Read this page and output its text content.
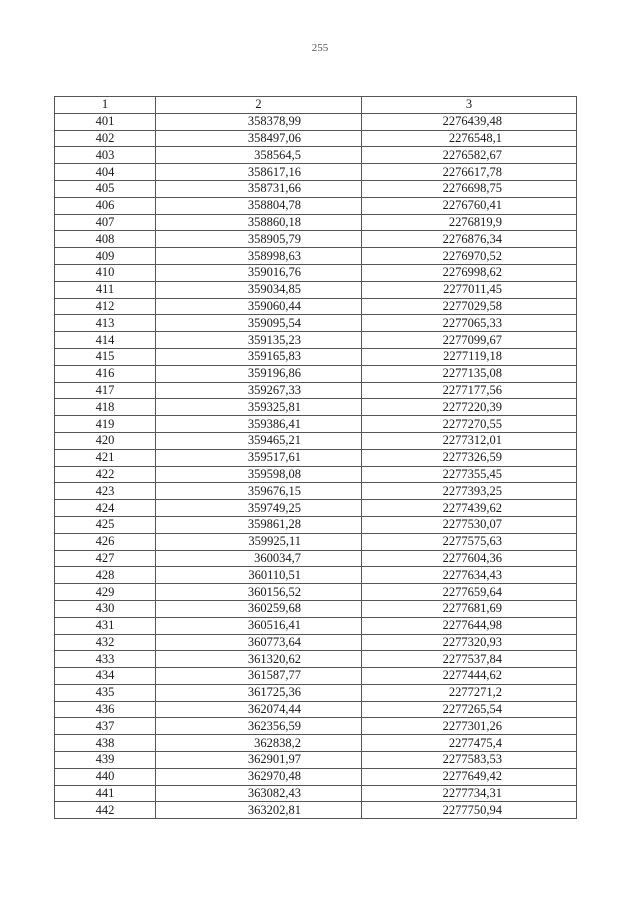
255
1	2	3
401	358378,99	2276439,48
402	358497,06	2276548,1
403	358564,5	2276582,67
404	358617,16	2276617,78
405	358731,66	2276698,75
406	358804,78	2276760,41
407	358860,18	2276819,9
408	358905,79	2276876,34
409	358998,63	2276970,52
410	359016,76	2276998,62
411	359034,85	2277011,45
412	359060,44	2277029,58
413	359095,54	2277065,33
414	359135,23	2277099,67
415	359165,83	2277119,18
416	359196,86	2277135,08
417	359267,33	2277177,56
418	359325,81	2277220,39
419	359386,41	2277270,55
420	359465,21	2277312,01
421	359517,61	2277326,59
422	359598,08	2277355,45
423	359676,15	2277393,25
424	359749,25	2277439,62
425	359861,28	2277530,07
426	359925,11	2277575,63
427	360034,7	2277604,36
428	360110,51	2277634,43
429	360156,52	2277659,64
430	360259,68	2277681,69
431	360516,41	2277644,98
432	360773,64	2277320,93
433	361320,62	2277537,84
434	361587,77	2277444,62
435	361725,36	2277271,2
436	362074,44	2277265,54
437	362356,59	2277301,26
438	362838,2	2277475,4
439	362901,97	2277583,53
440	362970,48	2277649,42
441	363082,43	2277734,31
442	363202,81	2277750,94
